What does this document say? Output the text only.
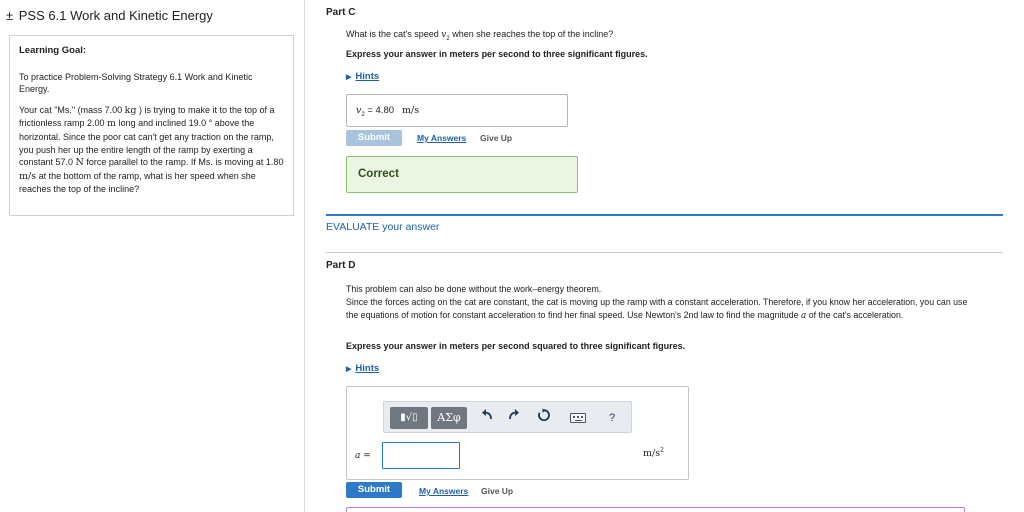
± PSS 6.1 Work and Kinetic Energy
Learning Goal:
To practice Problem-Solving Strategy 6.1 Work and Kinetic Energy.
Your cat "Ms." (mass 7.00 kg ) is trying to make it to the top of a frictionless ramp 2.00 m long and inclined 19.0 ° above the horizontal. Since the poor cat can't get any traction on the ramp, you push her up the entire length of the ramp by exerting a constant 57.0 N force parallel to the ramp. If Ms. is moving at 1.80 m/s at the bottom of the ramp, what is her speed when she reaches the top of the incline?
Part C
What is the cat's speed $v_2$ when she reaches the top of the incline?
Express your answer in meters per second to three significant figures.
▶ Hints
$v_2 = 4.80$ m/s
Submit	My Answers Give Up
Correct
EVALUATE your answer
Part D
This problem can also be done without the work–energy theorem.
Since the forces acting on the cat are constant, the cat is moving up the ramp with a constant acceleration. Therefore, if you know her acceleration, you can use the equations of motion for constant acceleration to find her final speed. Use Newton's 2nd law to find the magnitude a of the cat's acceleration.
Express your answer in meters per second squared to three significant figures.
▶ Hints
▮√▯	ΑΣφ	?
a =	$m/s^2$
Submit	My Answers Give Up
